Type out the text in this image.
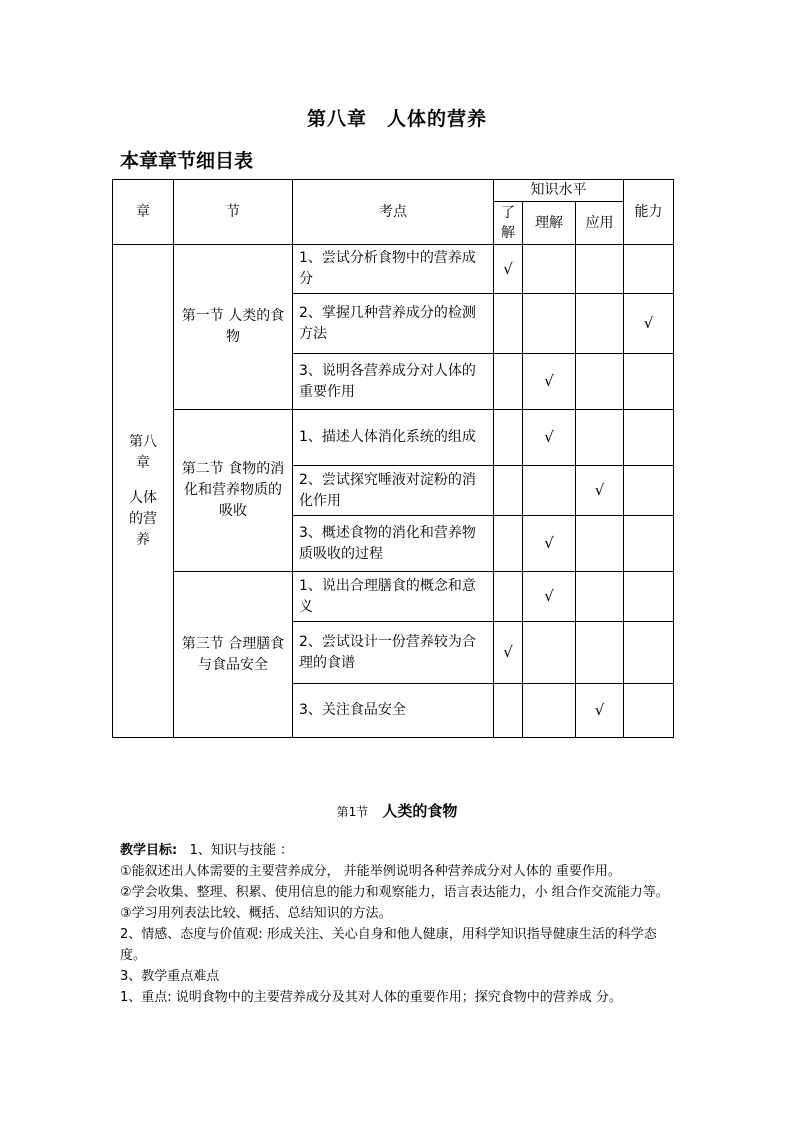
第八章　人体的营养
本章章节细目表
章	节	考点	知识水平			能力
			了解	理解	应用	

第八章
人体的营养	第一节 人类的食物	1、尝试分析食物中的营养成分	√			
		2、掌握几种营养成分的检测方法				√
		3、说明各营养成分对人体的重要作用		√		
	第二节 食物的消化和营养物质的吸收	1、描述人体消化系统的组成		√		
		2、尝试探究唾液对淀粉的消化作用			√	
		3、概述食物的消化和营养物质吸收的过程		√		
	第三节 合理膳食与食品安全	1、说出合理膳食的概念和意义		√		
		2、尝试设计一份营养较为合理的食谱	√			
		3、关注食品安全			√	
第1节 人类的食物

教学目标: 1、知识与技能 ：

①能叙述出人体需要的主要营养成分， 并能举例说明各种营养成分对人体的 重要作用。

②学会收集、整理、积累、使用信息的能力和观察能力，语言表达能力，小 组合作交流能力等。

③学习用列表法比较、概括、总结知识的方法。

2、情感、态度与价值观: 形成关注、关心自身和他人健康，用科学知识指导健康生活的科学态度。

3、教学重点难点

1、重点: 说明食物中的主要营养成分及其对人体的重要作用；探究食物中的营养成 分。
